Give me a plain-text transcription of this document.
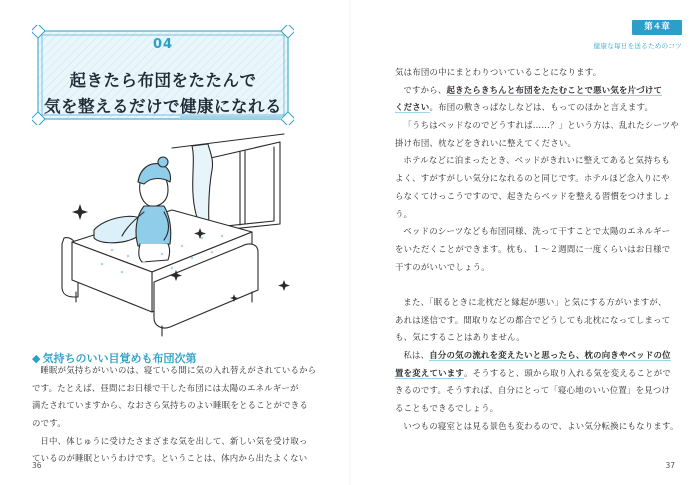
04
起きたら布団をたたんで
気を整えるだけで健康になれる
◆ 気持ちのいい目覚めも布団次第
睡眠が気持ちがいいのは、寝ている間に気の入れ替えがされているから
です。たとえば、昼間にお日様で干した布団には太陽のエネルギーが
満たされていますから、なおさら気持ちのよい睡眠をとることができる
のです。
日中、体じゅうに受けたさまざまな気を出して、新しい気を受け取っ
ているのが睡眠というわけです。ということは、体内から出たよくない
36
第４章
健康な毎日を送るためのコツ
気は布団の中にまとわりついていることになります。
ですから、起きたらきちんと布団をたたむことで悪い気を片づけて
ください。布団の敷きっぱなしなどは、もってのほかと言えます。
「うちはベッドなのでどうすれば……？」という方は、乱れたシーツや
掛け布団、枕などをきれいに整えてください。
ホテルなどに泊まったとき、ベッドがきれいに整えてあると気持ちも
よく、すがすがしい気分になれるのと同じです。ホテルほど念入りにや
らなくてけっこうですので、起きたらベッドを整える習慣をつけましょ
う。
ベッドのシーツなども布団同様、洗って干すことで太陽のエネルギー
をいただくことができます。枕も、１〜２週間に一度くらいはお日様で
干すのがいいでしょう。
また、「眠るときに北枕だと縁起が悪い」と気にする方がいますが、
あれは迷信です。間取りなどの都合でどうしても北枕になってしまって
も、気にすることはありません。
私は、自分の気の流れを変えたいと思ったら、枕の向きやベッドの位
置を変えています。そうすると、頭から取り入れる気を変えることがで
きるのです。そうすれば、自分にとって「寝心地のいい位置」を見つけ
ることもできるでしょう。
いつもの寝室とは見る景色も変わるので、よい気分転換にもなります。
37
